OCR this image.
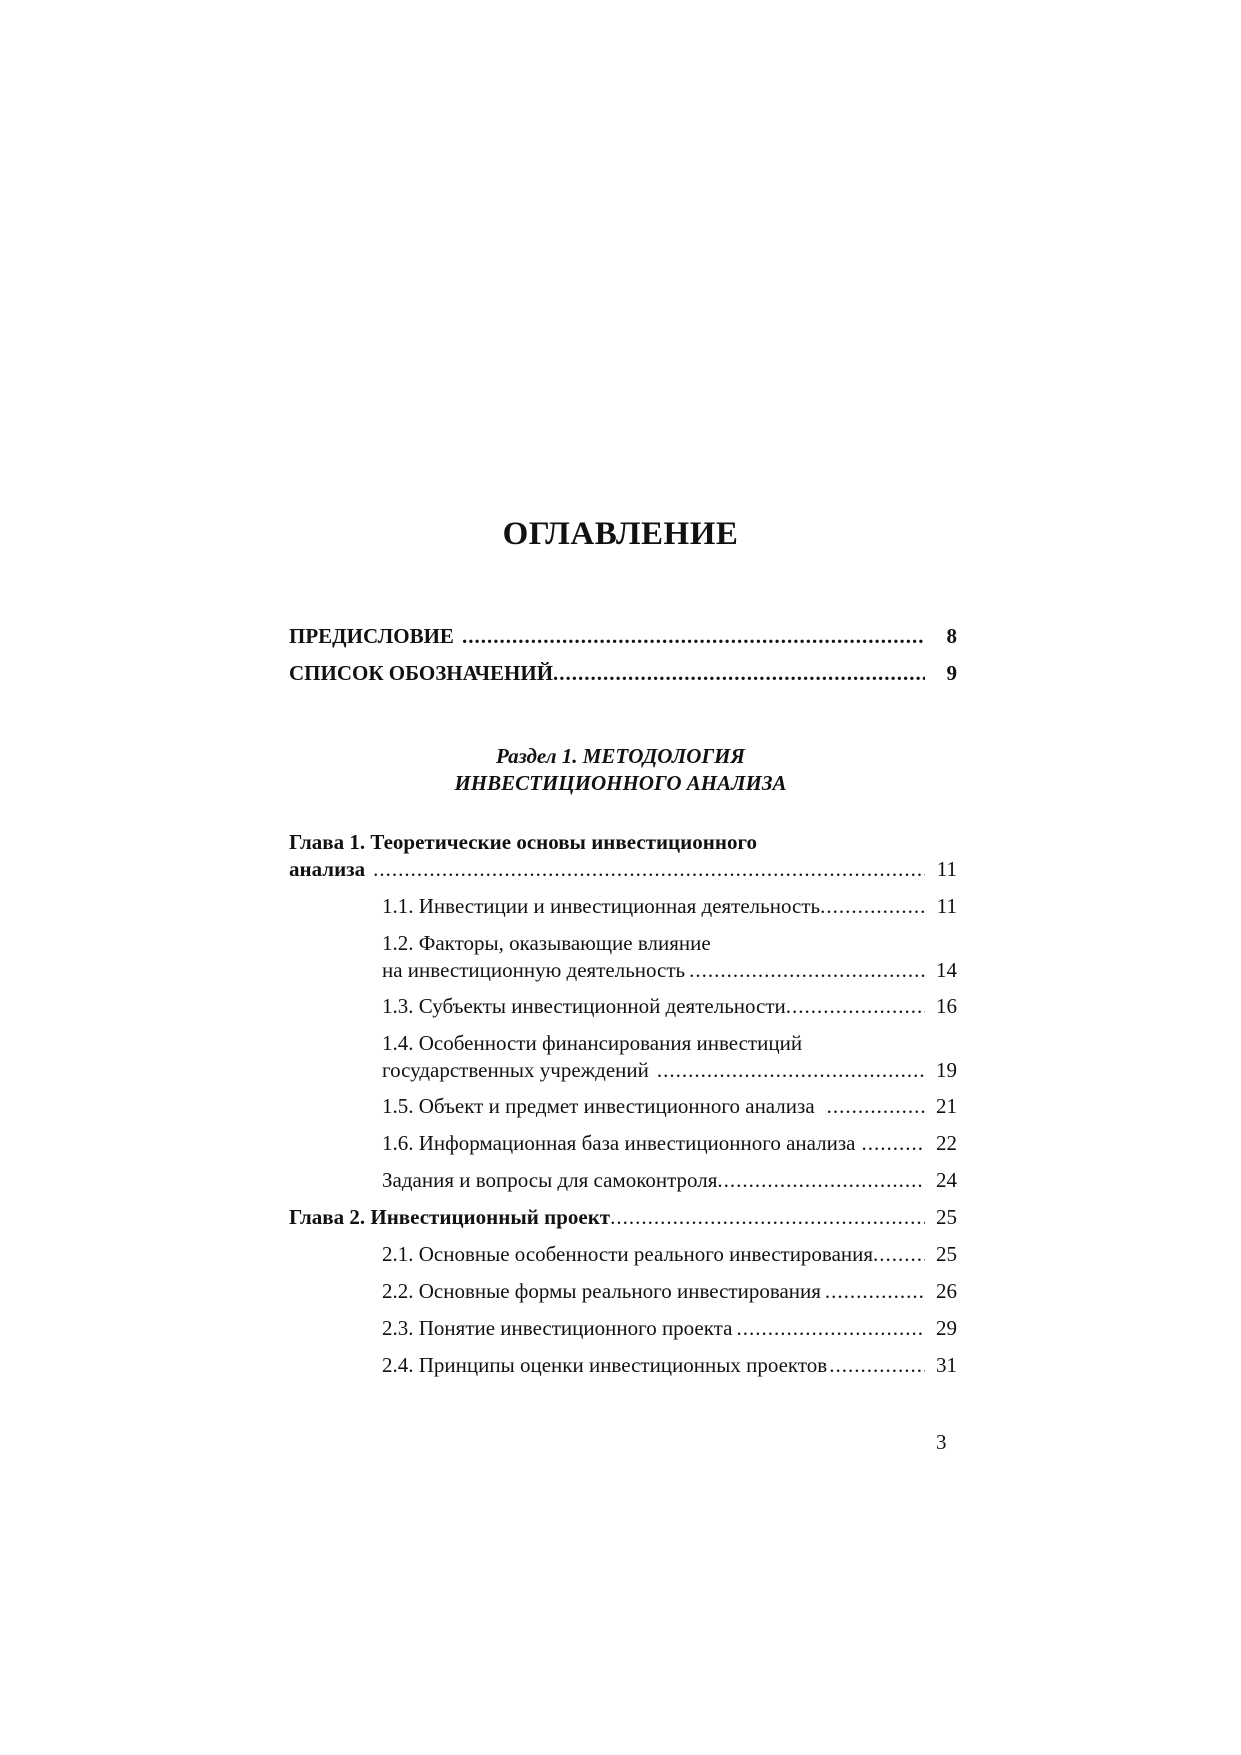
ОГЛАВЛЕНИЕ
ПРЕДИСЛОВИЕ .....	8
СПИСОК ОБОЗНАЧЕНИЙ .....	9
Раздел 1. МЕТОДОЛОГИЯ
ИНВЕСТИЦИОННОГО АНАЛИЗА
Глава 1. Теоретические основы инвестиционного
анализа .....	11
1.1. Инвестиции и инвестиционная деятельность .....	11
1.2. Факторы, оказывающие влияние
на инвестиционную деятельность .....	14
1.3. Субъекты инвестиционной деятельности .....	16
1.4. Особенности финансирования инвестиций
государственных учреждений .....	19
1.5. Объект и предмет инвестиционного анализа .....	21
1.6. Информационная база инвестиционного анализа .....	22
Задания и вопросы для самоконтроля .....	24
Глава 2. Инвестиционный проект .....	25
2.1. Основные особенности реального инвестирования .....	25
2.2. Основные формы реального инвестирования .....	26
2.3. Понятие инвестиционного проекта .....	29
2.4. Принципы оценки инвестиционных проектов .....	31
3
